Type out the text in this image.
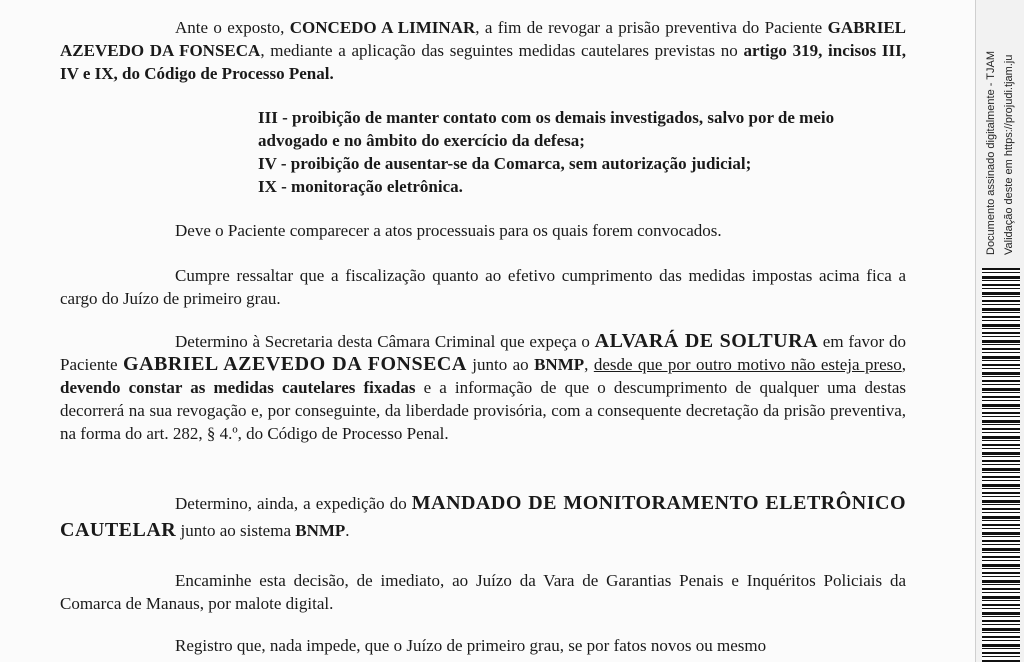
Ante o exposto, CONCEDO A LIMINAR, a fim de revogar a prisão preventiva do Paciente GABRIEL AZEVEDO DA FONSECA, mediante a aplicação das seguintes medidas cautelares previstas no artigo 319, incisos III, IV e IX, do Código de Processo Penal.

III - proibição de manter contato com os demais investigados, salvo por de meio advogado e no âmbito do exercício da defesa;
IV - proibição de ausentar-se da Comarca, sem autorização judicial;
IX - monitoração eletrônica.

Deve o Paciente comparecer a atos processuais para os quais forem convocados.

Cumpre ressaltar que a fiscalização quanto ao efetivo cumprimento das medidas impostas acima fica a cargo do Juízo de primeiro grau.

Determino à Secretaria desta Câmara Criminal que expeça o ALVARÁ DE SOLTURA em favor do Paciente GABRIEL AZEVEDO DA FONSECA junto ao BNMP, desde que por outro motivo não esteja preso, devendo constar as medidas cautelares fixadas e a informação de que o descumprimento de qualquer uma destas decorrerá na sua revogação e, por conseguinte, da liberdade provisória, com a consequente decretação da prisão preventiva, na forma do art. 282, § 4.º, do Código de Processo Penal.

Determino, ainda, a expedição do MANDADO DE MONITORAMENTO ELETRÔNICO CAUTELAR junto ao sistema BNMP.

Encaminhe esta decisão, de imediato, ao Juízo da Vara de Garantias Penais e Inquéritos Policiais da Comarca de Manaus, por malote digital.

Registro que, nada impede, que o Juízo de primeiro grau, se por fatos novos ou mesmo

Documento assinado digitalmente - TJAM Validação deste em https://projudi.tjam.ju
